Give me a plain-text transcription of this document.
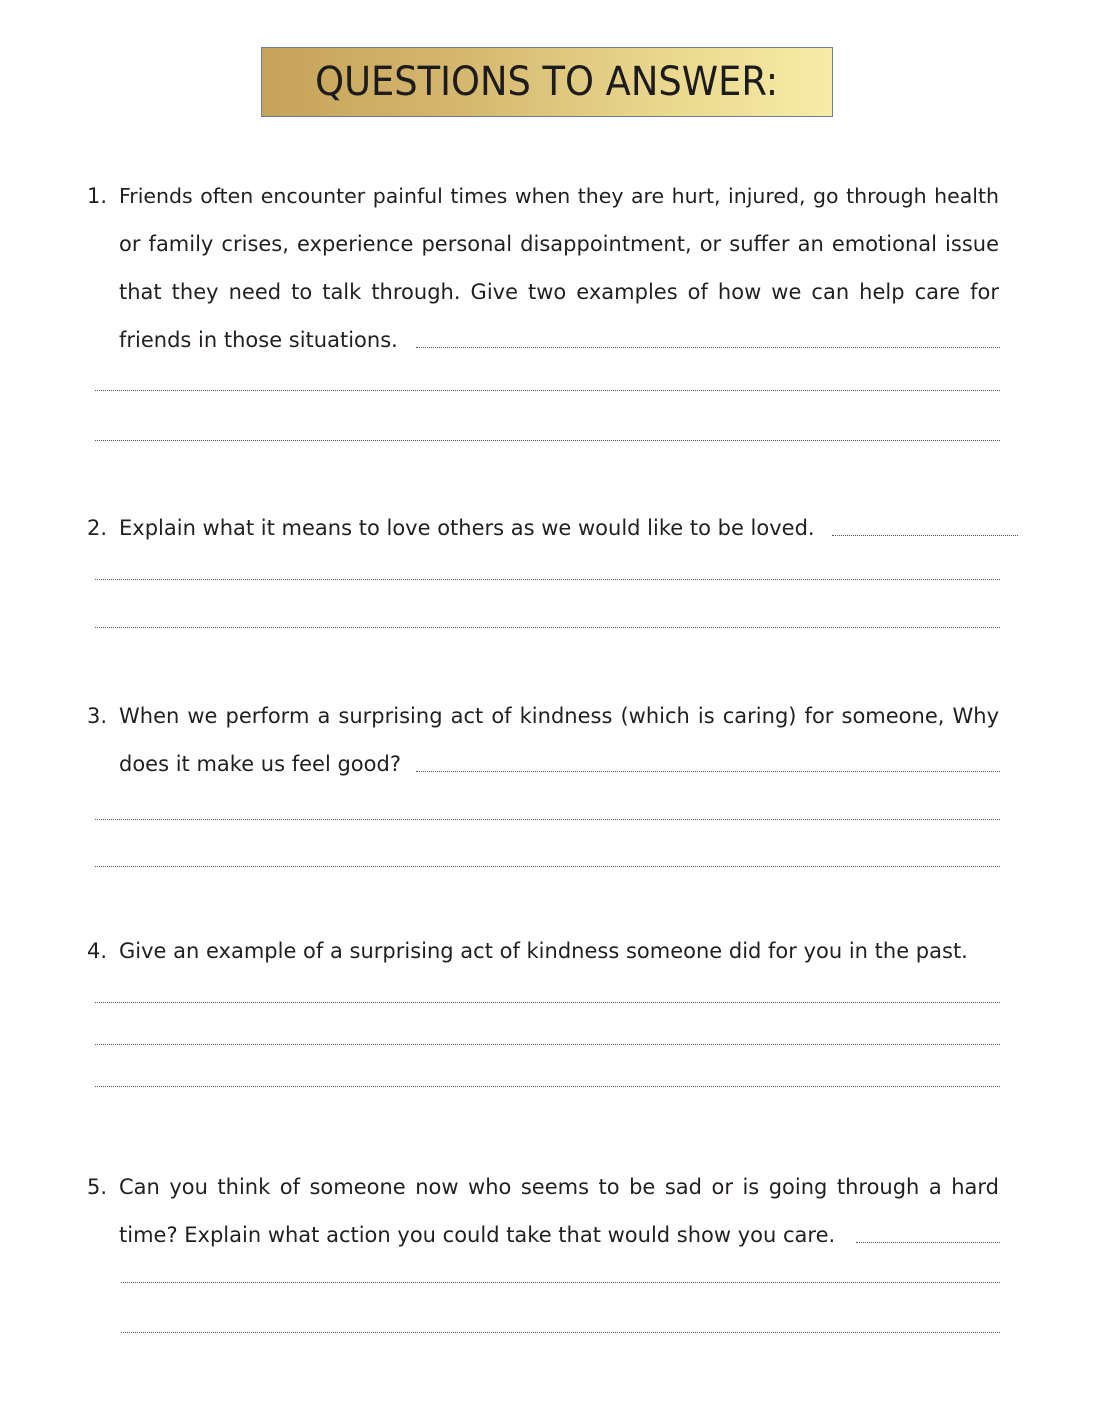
QUESTIONS TO ANSWER:
1. Friends often encounter painful times when they are hurt, injured, go through health
or family crises, experience personal disappointment, or suffer an emotional issue
that they need to talk through. Give two examples of how we can help care for
friends in those situations.
2. Explain what it means to love others as we would like to be loved.
3. When we perform a surprising act of kindness (which is caring) for someone, Why
does it make us feel good?
4. Give an example of a surprising act of kindness someone did for you in the past.
5. Can you think of someone now who seems to be sad or is going through a hard
time? Explain what action you could take that would show you care.
